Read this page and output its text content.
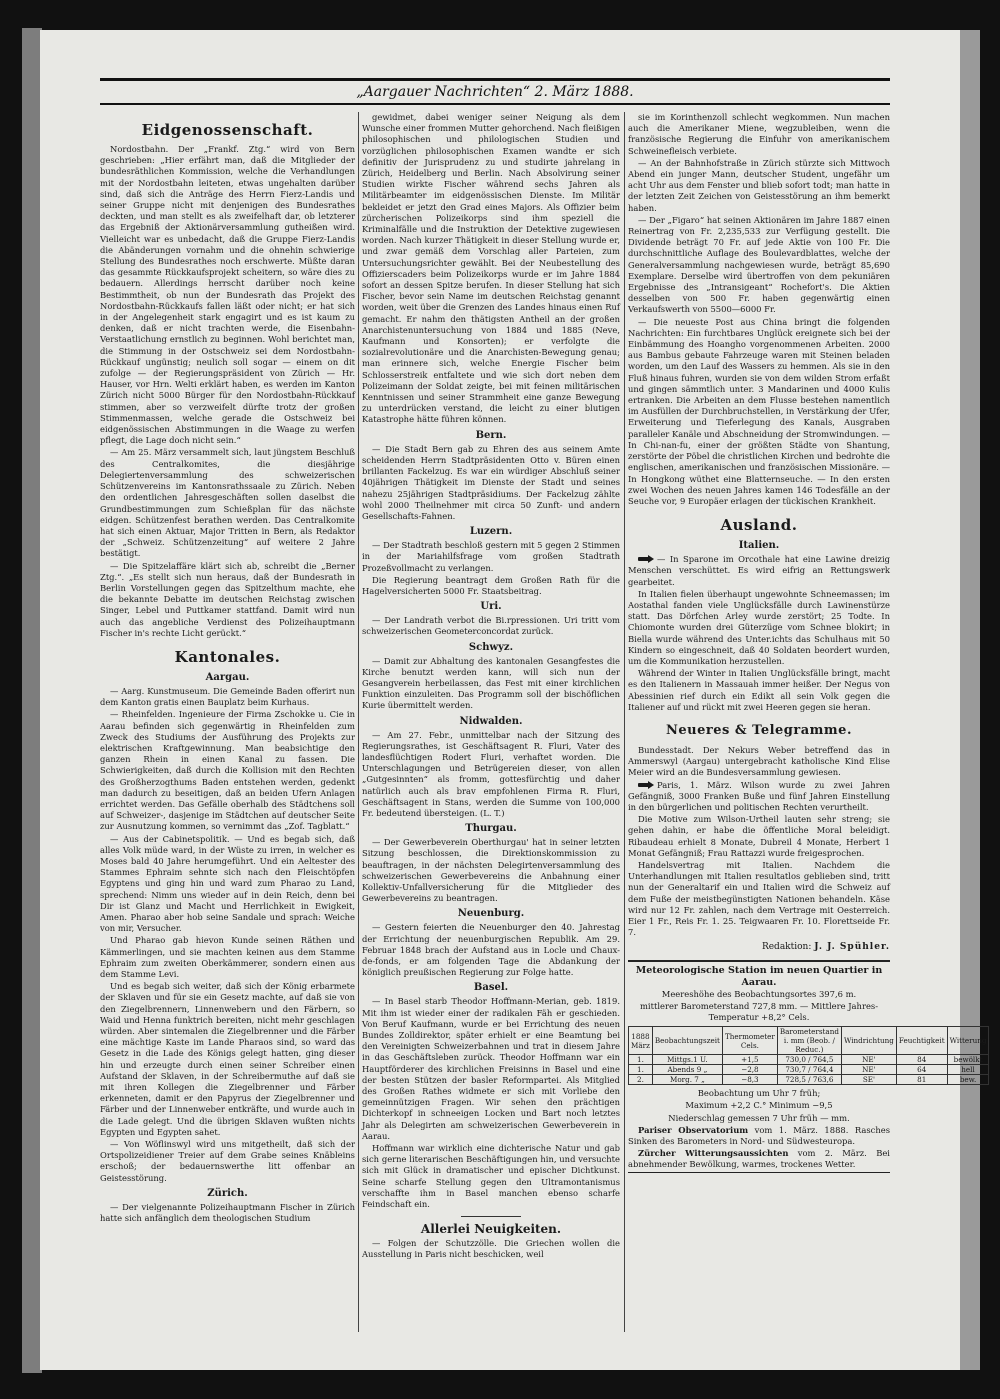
„Aargauer Nachrichten“ 2. März 1888.
Eidgenossenschaft.

Nordostbahn. Der „Frankf. Ztg.“ wird von Bern geschrieben: „Hier erfährt man, daß die Mitglieder der bundesräthlichen Kommission, welche die Verhandlungen mit der Nordostbahn leiteten, etwas ungehalten darüber sind, daß sich die Anträge des Herrn Fierz-Landis und seiner Gruppe nicht mit denjenigen des Bundesrathes deckten, und man stellt es als zweifelhaft dar, ob letzterer das Ergebniß der Aktionärversammlung gutheißen wird. Vielleicht war es unbedacht, daß die Gruppe Fierz-Landis die Abänderungen vornahm und die ohnehin schwierige Stellung des Bundesrathes noch erschwerte. Müßte daran das gesammte Rückkaufsprojekt scheitern, so wäre dies zu bedauern. Allerdings herrscht darüber noch keine Bestimmtheit, ob nun der Bundesrath das Projekt des Nordostbahn-Rückkaufs fallen läßt oder nicht; er hat sich in der Angelegenheit stark engagirt und es ist kaum zu denken, daß er nicht trachten werde, die Eisenbahn-Verstaatlichung ernstlich zu beginnen. Wohl berichtet man, die Stimmung in der Ostschweiz sei dem Nordostbahn-Rückkauf ungünstig; neulich soll sogar — einem on dit zufolge — der Regierungspräsident von Zürich — Hr. Hauser, vor Hrn. Welti erklärt haben, es werden im Kanton Zürich nicht 5000 Bürger für den Nordostbahn-Rückkauf stimmen, aber so verzweifelt dürfte trotz der großen Stimmenmassen, welche gerade die Ostschweiz bei eidgenössischen Abstimmungen in die Waage zu werfen pflegt, die Lage doch nicht sein.“

— Am 25. März versammelt sich, laut jüngstem Beschluß des Centralkomites, die diesjährige Delegiertenversammlung des schweizerischen Schützenvereins im Kantonsrathssaale zu Zürich. Neben den ordentlichen Jahresgeschäften sollen daselbst die Grundbestimmungen zum Schießplan für das nächste eidgen. Schützenfest berathen werden. Das Centralkomite hat sich einen Aktuar, Major Tritten in Bern, als Redaktor der „Schweiz. Schützenzeitung“ auf weitere 2 Jahre bestätigt.

— Die Spitzelaffäre klärt sich ab, schreibt die „Berner Ztg.“. „Es stellt sich nun heraus, daß der Bundesrath in Berlin Vorstellungen gegen das Spitzelthum machte, ehe die bekannte Debatte im deutschen Reichstag zwischen Singer, Lebel und Puttkamer stattfand. Damit wird nun auch das angebliche Verdienst des Polizeihauptmann Fischer in's rechte Licht gerückt.“

Kantonales.
Aargau.

— Aarg. Kunstmuseum. Die Gemeinde Baden offerirt nun dem Kanton gratis einen Bauplatz beim Kurhaus.

— Rheinfelden. Ingenieure der Firma Zschokke u. Cie in Aarau befinden sich gegenwärtig in Rheinfelden zum Zweck des Studiums der Ausführung des Projekts zur elektrischen Kraftgewinnung. Man beabsichtige den ganzen Rhein in einen Kanal zu fassen. Die Schwierigkeiten, daß durch die Kollision mit den Rechten des Großherzogthums Baden entstehen werden, gedenkt man dadurch zu beseitigen, daß an beiden Ufern Anlagen errichtet werden. Das Gefälle oberhalb des Städtchens soll auf Schweizer-, dasjenige im Städtchen auf deutscher Seite zur Ausnutzung kommen, so vernimmt das „Zof. Tagblatt.“

— Aus der Cabinetspolitik. — Und es begab sich, daß alles Volk müde ward, in der Wüste zu irren, in welcher es Moses bald 40 Jahre herumgeführt. Und ein Aeltester des Stammes Ephraim sehnte sich nach den Fleischtöpfen Egyptens und ging hin und ward zum Pharao zu Land, sprechend: Nimm uns wieder auf in dein Reich, denn bei Dir ist Glanz und Macht und Herrlichkeit in Ewigkeit, Amen. Pharao aber hob seine Sandale und sprach: Weiche von mir, Versucher.

Und Pharao gab hievon Kunde seinen Räthen und Kämmerlingen, und sie machten keinen aus dem Stamme Ephraim zum zweiten Oberkämmerer, sondern einen aus dem Stamme Levi.

Und es begab sich weiter, daß sich der König erbarmete der Sklaven und für sie ein Gesetz machte, auf daß sie von den Ziegelbrennern, Linnenwebern und den Färbern, so Waid und Henna funktrich bereiten, nicht mehr geschlagen würden. Aber sintemalen die Ziegelbrenner und die Färber eine mächtige Kaste im Lande Pharaos sind, so ward das Gesetz in die Lade des Königs gelegt hatten, ging dieser hin und erzeugte durch einen seiner Schreiber einen Aufstand der Sklaven, in der Schreibermuthe auf daß sie mit ihren Kollegen die Ziegelbrenner und Färber erkenneten, damit er den Papyrus der Ziegelbrenner und Färber und der Linnenweber entkräfte, und wurde auch in die Lade gelegt. Und die übrigen Sklaven wußten nichts Egypten und Egypten sahet.

— Von Wöflinswyl wird uns mitgetheilt, daß sich der Ortspolizeidiener Treier auf dem Grabe seines Knäbleins erschoß; der bedauernswerthe litt offenbar an Geistesstörung.

Zürich.

— Der vielgenannte Polizeihauptmann Fischer in Zürich hatte sich anfänglich dem theologischen Studium

gewidmet, dabei weniger seiner Neigung als dem Wunsche einer frommen Mutter gehorchend. Nach fleißigen philosophischen und philologischen Studien und vorzüglichen philosophischen Examen wandte er sich definitiv der Jurisprudenz zu und studirte jahrelang in Zürich, Heidelberg und Berlin. Nach Absolvirung seiner Studien wirkte Fischer während sechs Jahren als Militärbeamter im eidgenössischen Dienste. Im Militär bekleidet er jetzt den Grad eines Majors. Als Offizier beim zürcherischen Polizeikorps sind ihm speziell die Kriminalfälle und die Instruktion der Detektive zugewiesen worden. Nach kurzer Thätigkeit in dieser Stellung wurde er, und zwar gemäß dem Vorschlag aller Parteien, zum Untersuchungsrichter gewählt. Bei der Neubestellung des Offizierscaders beim Polizeikorps wurde er im Jahre 1884 sofort an dessen Spitze berufen. In dieser Stellung hat sich Fischer, bevor sein Name im deutschen Reichstag genannt worden, weit über die Grenzen des Landes hinaus einen Ruf gemacht. Er nahm den thätigsten Antheil an der großen Anarchistenuntersuchung von 1884 und 1885 (Neve, Kaufmann und Konsorten); er verfolgte die sozialrevolutionäre und die Anarchisten-Bewegung genau; man erinnere sich, welche Energie Fischer beim Schlosserstreik entfaltete und wie sich dort neben dem Polizeimann der Soldat zeigte, bei mit feinen militärischen Kenntnissen und seiner Strammheit eine ganze Bewegung zu unterdrücken verstand, die leicht zu einer blutigen Katastrophe hätte führen können.

Bern.

— Die Stadt Bern gab zu Ehren des aus seinem Amte scheidenden Herrn Stadtpräsidenten Otto v. Büren einen brillanten Fackelzug. Es war ein würdiger Abschluß seiner 40jährigen Thätigkeit im Dienste der Stadt und seines nahezu 25jährigen Stadtpräsidiums. Der Fackelzug zählte wohl 2000 Theilnehmer mit circa 50 Zunft- und andern Gesellschafts-Fahnen.

Luzern.

— Der Stadtrath beschloß gestern mit 5 gegen 2 Stimmen in der Mariahilfsfrage vom großen Stadtrath Prozeßvollmacht zu verlangen.

Die Regierung beantragt dem Großen Rath für die Hagelversicherten 5000 Fr. Staatsbeitrag.

Uri.

— Der Landrath verbot die Bi.rpressionen. Uri tritt vom schweizerischen Geometerconcordat zurück.

Schwyz.

— Damit zur Abhaltung des kantonalen Gesangfestes die Kirche benutzt werden kann, will sich nun der Gesangverein herbeilassen, das Fest mit einer kirchlichen Funktion einzuleiten. Das Programm soll der bischöflichen Kurie übermittelt werden.

Nidwalden.

— Am 27. Febr., unmittelbar nach der Sitzung des Regierungsrathes, ist Geschäftsagent R. Fluri, Vater des landesflüchtigen Rodert Fluri, verhaftet worden. Die Unterschlagungen und Betrügereien dieser, von allen „Gutgesinnten“ als fromm, gottesfürchtig und daher natürlich auch als brav empfohlenen Firma R. Fluri, Geschäftsagent in Stans, werden die Summe von 100,000 Fr. bedeutend übersteigen. (L. T.)

Thurgau.

— Der Gewerbeverein Oberthurgau' hat in seiner letzten Sitzung beschlossen, die Direktionskommission zu beauftragen, in der nächsten Delegirtenversammlung des schweizerischen Gewerbevereins die Anbahnung einer Kollektiv-Unfallversicherung für die Mitglieder des Gewerbevereins zu beantragen.

Neuenburg.

— Gestern feierten die Neuenburger den 40. Jahrestag der Errichtung der neuenburgischen Republik. Am 29. Februar 1848 brach der Aufstand aus in Locle und Chaux-de-fonds, er am folgenden Tage die Abdankung der königlich preußischen Regierung zur Folge hatte.

Basel.

— In Basel starb Theodor Hoffmann-Merian, geb. 1819. Mit ihm ist wieder einer der radikalen Fäh er geschieden. Von Beruf Kaufmann, wurde er bei Errichtung des neuen Bundes Zolldirektor, später erhielt er eine Beamtung bei den Vereinigten Schweizerbahnen und trat in diesem Jahre in das Geschäftsleben zurück. Theodor Hoffmann war ein Hauptförderer des kirchlichen Freisinns in Basel und eine der besten Stützen der basler Reformpartei. Als Mitglied des Großen Rathes widmete er sich mit Vorliebe den gemeinnützigen Fragen. Wir sehen den prächtigen Dichterkopf in schneeigen Locken und Bart noch letztes Jahr als Delegirten am schweizerischen Gewerbeverein in Aarau.

Hoffmann war wirklich eine dichterische Natur und gab sich gerne literarischen Beschäftigungen hin, und versuchte sich mit Glück in dramatischer und epischer Dichtkunst. Seine scharfe Stellung gegen den Ultramontanismus verschaffte ihm in Basel manchen ebenso scharfe Feindschaft ein.

Allerlei Neuigkeiten.

— Folgen der Schutzzölle. Die Griechen wollen die Ausstellung in Paris nicht beschicken, weil

sie im Korinthenzoll schlecht wegkommen. Nun machen auch die Amerikaner Miene, wegzubleiben, wenn die französische Regierung die Einfuhr von amerikanischem Schweinefleisch verbiete.

— An der Bahnhofstraße in Zürich stürzte sich Mittwoch Abend ein junger Mann, deutscher Student, ungefähr um acht Uhr aus dem Fenster und blieb sofort todt; man hatte in der letzten Zeit Zeichen von Geistesstörung an ihm bemerkt haben.

— Der „Figaro“ hat seinen Aktionären im Jahre 1887 einen Reinertrag von Fr. 2,235,533 zur Verfügung gestellt. Die Dividende beträgt 70 Fr. auf jede Aktie von 100 Fr. Die durchschnittliche Auflage des Boulevardblattes, welche der Generalversammlung nachgewiesen wurde, beträgt 85,690 Exemplare. Derselbe wird übertroffen von dem pekuniären Ergebnisse des „Intransigeant“ Rochefort's. Die Aktien desselben von 500 Fr. haben gegenwärtig einen Verkaufswerth von 5500—6000 Fr.

— Die neueste Post aus China bringt die folgenden Nachrichten: Ein furchtbares Unglück ereignete sich bei der Einbämmung des Hoangho vorgenommenen Arbeiten. 2000 aus Bambus gebaute Fahrzeuge waren mit Steinen beladen worden, um den Lauf des Wassers zu hemmen. Als sie in den Fluß hinaus fuhren, wurden sie von dem wilden Strom erfaßt und gingen sämmtlich unter. 3 Mandarinen und 4000 Kulis ertranken. Die Arbeiten an dem Flusse bestehen namentlich im Ausfüllen der Durchbruchstellen, in Verstärkung der Ufer, Erweiterung und Tieferlegung des Kanals, Ausgraben paralleler Kanäle und Abschneidung der Stromwindungen. — In Chi-nan-fu, einer der größten Städte von Shantung, zerstörte der Pöbel die christlichen Kirchen und bedrohte die englischen, amerikanischen und französischen Missionäre. — In Hongkong wüthet eine Blatternseuche. — In den ersten zwei Wochen des neuen Jahres kamen 146 Todesfälle an der Seuche vor, 9 Europäer erlagen der tückischen Krankheit.

Ausland.
Italien.

— In Sparone im Orcothale hat eine Lawine dreizig Menschen verschüttet. Es wird eifrig an Rettungswerk gearbeitet.

In Italien fielen überhaupt ungewohnte Schneemassen; im Aostathal fanden viele Unglücksfälle durch Lawinenstürze statt. Das Dörfchen Arley wurde zerstört; 25 Todte. In Chiomonte wurden drei Güterzüge vom Schnee blokirt; in Biella wurde während des Unter.ichts das Schulhaus mit 50 Kindern so eingeschneit, daß 40 Soldaten beordert wurden, um die Kommunikation herzustellen.

Während der Winter in Italien Unglücksfälle bringt, macht es den Italienern in Massauah immer heißer. Der Negus von Abessinien rief durch ein Edikt all sein Volk gegen die Italiener auf und rückt mit zwei Heeren gegen sie heran.

Neueres & Telegramme.

Bundesstadt. Der Nekurs Weber betreffend das in Ammerswyl (Aargau) untergebracht katholische Kind Elise Meier wird an die Bundesversammlung gewiesen.

Paris, 1. März. Wilson wurde zu zwei Jahren Gefängniß, 3000 Franken Buße und fünf Jahren Einstellung in den bürgerlichen und politischen Rechten verurtheilt.

Die Motive zum Wilson-Urtheil lauten sehr streng; sie gehen dahin, er habe die öffentliche Moral beleidigt. Ribaudeau erhielt 8 Monate, Dubreil 4 Monate, Herbert 1 Monat Gefängniß; Frau Rattazzi wurde freigesprochen.

Handelsvertrag mit Italien. Nachdem die Unterhandlungen mit Italien resultatlos geblieben sind, tritt nun der Generaltarif ein und Italien wird die Schweiz auf dem Fuße der meistbegünstigten Nationen behandeln. Käse wird nur 12 Fr. zahlen, nach dem Vertrage mit Oesterreich. Eier 1 Fr., Reis Fr. 1. 25. Teigwaaren Fr. 10. Florettseide Fr. 7.

Redaktion: J. J. Spühler.

Meteorologische Station im neuen Quartier in Aarau.

Meereshöhe des Beobachtungsortes 397,6 m.

mittlerer Barometerstand 727,8 mm. — Mittlere Jahres-Temperatur +8,2° Cels.

1888 März	Beobachtungszeit	Thermometer Cels.	Barometerstand i. mm (Beob. / Reduc.)	Windrichtung	Feuchtigkeit	Witterung
1.	Mittgs.1 U.	+1,5	730,0 / 764,5	NE'	84	bewölkt
1.	Abends 9 „	−2,8	730,7 / 764,4	NE'	64	hell
2.	Morg. 7 „	−8,3	728,5 / 763,6	SE'	81	bew.

Beobachtung um Uhr 7 früh;

Maximum +2,2 C.° Minimum −9,5

Niederschlag gemessen 7 Uhr früh — mm.

Pariser Observatorium vom 1. März. 1888. Rasches Sinken des Barometers in Nord- und Südwesteuropa.

Zürcher Witterungsaussichten vom 2. März. Bei abnehmender Bewölkung, warmes, trockenes Wetter.
